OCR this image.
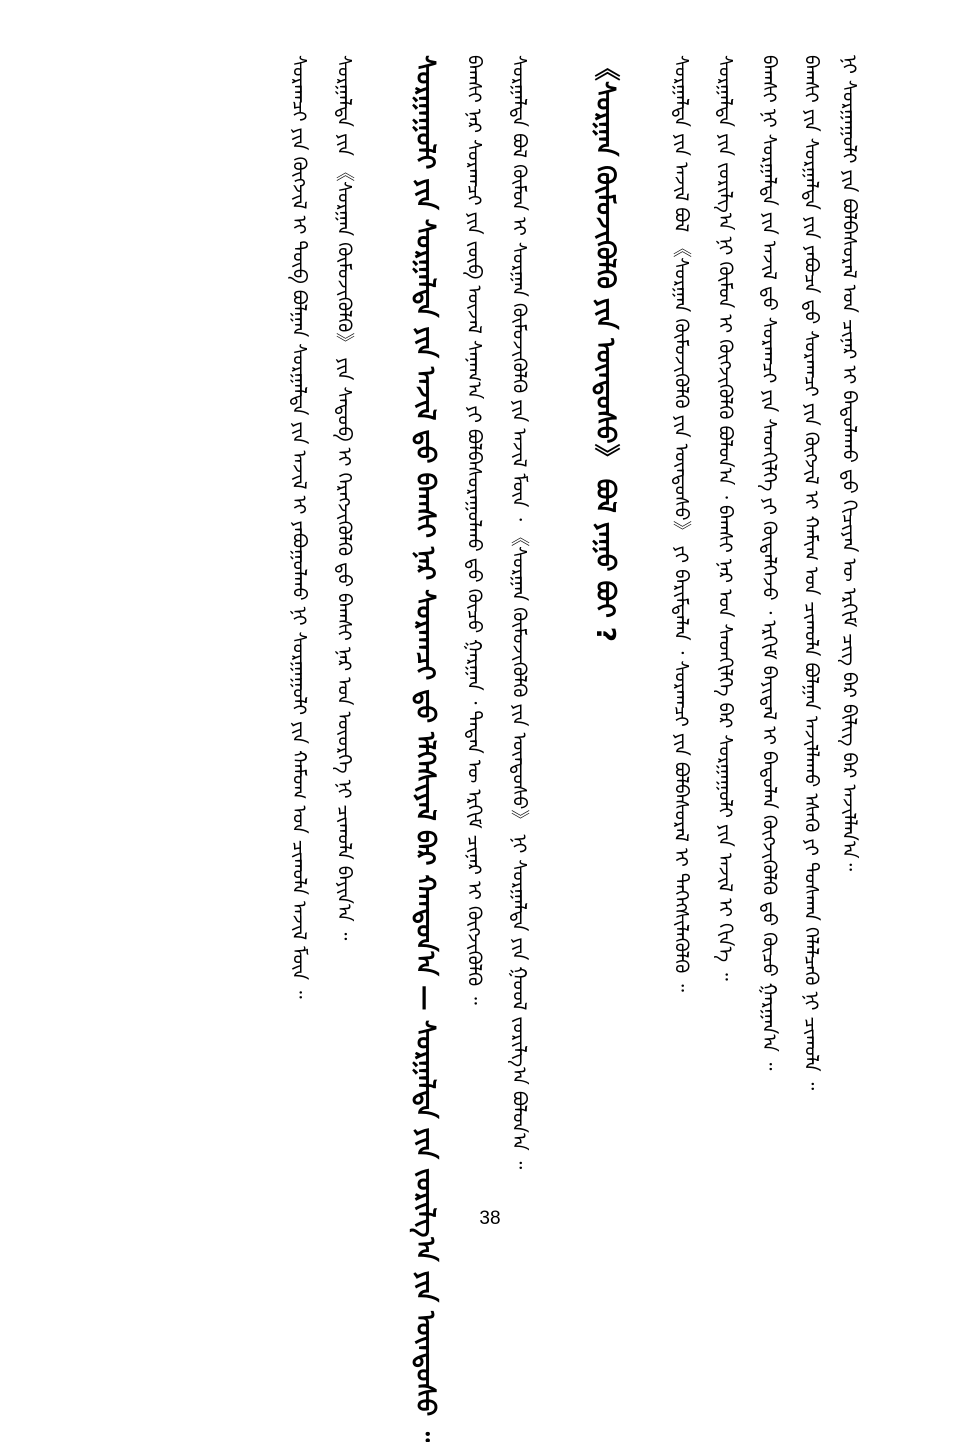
ᠨᠢ ᠰᠤᠷᠭᠠᠭᠤᠯᠢ ᠶᠢᠨ ᠪᠣᠯᠪᠠᠰᠤᠷᠠᠯ ᠤᠨ ᠴᠢᠨᠠᠷ ᠢ ᠪᠠᠲᠤᠯᠠᠬᠤ ᠳ᠋ᠤ ᠬᠢᠴᠢᠶᠡᠨ ᠦ ᠡᠷᠬᠢᠮ ᠴᠢᠭ ᠪᠠᠷ ᠪᠢᠯᠢᠭ ᠪᠡᠷ ᠠᠵᠢᠯᠯᠠᠨ᠎ᠠ᠃
ᠪᠠᠭᠰᠢ ᠶᠢᠨ ᠰᠤᠷᠭᠠᠯᠲᠠ ᠶᠢᠨ ᠶᠠᠪᠤᠴᠠ ᠳ᠋ᠤ ᠰᠤᠷᠠᠭᠴᠢ ᠶᠢᠨ ᠬᠥᠭᠵᠢᠯ ᠢ ᠬᠠᠮᠢᠭ ᠤᠨ ᠴᠢᠬᠤᠯᠠ ᠪᠣᠯᠭᠠᠨ ᠠᠵᠢᠯᠯᠠᠬᠤ ᠡᠰᠡᠬᠦ ᠶᠢ ᠲᠤᠰᠬᠠᠨ ᠬᠡᠯᠡᠯᠴᠡᠬᠦ ᠨᠢ ᠴᠢᠬᠤᠯᠠ ᠃
ᠪᠠᠭᠰᠢ ᠨᠢ ᠰᠤᠷᠭᠠᠯᠲᠠ ᠶᠢᠨ ᠠᠵᠢᠯ ᠳ᠋ᠤ ᠰᠤᠷᠠᠭᠴᠢ ᠶᠢᠨ ᠰᠡᠳᠬᠢᠯᠭᠡ ᠶᠢ ᠬᠥᠳᠡᠯᠭᠡᠵᠦ ᠂ ᠡᠷᠬᠢᠮ ᠪᠠᠶᠢᠳᠠᠯ ᠢ ᠪᠠᠲᠤᠯᠠᠨ ᠬᠥᠭᠵᠢᠭᠦᠯᠬᠦ ᠳ᠋ᠤ ᠬᠦᠴᠦ ᠭᠠᠷᠭᠠᠨ᠎ᠠ ᠃
ᠰᠤᠷᠭᠠᠯᠲᠠ ᠶᠢᠨ ᠵᠣᠷᠢᠯᠭ᠎ᠠ ᠨᠢ ᠬᠦᠮᠦᠨ ᠢ ᠬᠥᠭᠵᠢᠭᠦᠯᠬᠦ ᠪᠣᠯᠤᠨ᠎ᠠ ᠂ ᠪᠠᠭᠰᠢ ᠨᠠᠷ ᠤᠨ ᠰᠡᠳᠬᠢᠯᠭᠡ ᠪᠡᠷ ᠰᠤᠷᠭᠠᠭᠤᠯᠢ ᠶᠢᠨ ᠠᠵᠢᠯ ᠢ ᠬᠢᠨ᠎ᠡ ᠃
ᠰᠤᠷᠭᠠᠯᠲᠠ ᠶᠢᠨ ᠠᠵᠢᠯ ᠪᠣᠯ 《ᠰᠤᠷᠭᠠᠨ ᠬᠦᠮᠦᠵᠢᠭᠦᠯᠬᠦ ᠶᠢᠨ ᠦᠨᠳᠦᠰᠦ》 ᠶᠢ ᠪᠠᠷᠢᠮᠲᠠᠯᠠᠨ ᠂ ᠰᠤᠷᠠᠭᠴᠢ ᠶᠢᠨ ᠪᠣᠯᠪᠠᠰᠤᠷᠠᠯ ᠢ ᠳᠡᠭᠡᠭᠰᠢᠯᠡᠭᠦᠯᠬᠦ ᠃
《ᠰᠤᠷᠭᠠᠨ ᠬᠦᠮᠦᠵᠢᠭᠦᠯᠬᠦ ᠶᠢᠨ ᠦᠨᠳᠦᠰᠦ》 ᠪᠣᠯ ᠶᠠᠭᠤ ᠪᠤᠢ ?
ᠰᠤᠷᠭᠠᠯᠲᠠ ᠪᠣᠯ ᠬᠦᠮᠦᠨ ᠢ ᠰᠤᠷᠭᠠᠨ ᠬᠦᠮᠦᠵᠢᠭᠦᠯᠬᠦ ᠶᠢᠨ ᠠᠵᠢᠯ ᠮᠥᠨ ᠂ 《ᠰᠤᠷᠭᠠᠨ ᠬᠦᠮᠦᠵᠢᠭᠦᠯᠬᠦ ᠶᠢᠨ ᠦᠨᠳᠦᠰᠦ》 ᠨᠢ ᠰᠤᠷᠭᠠᠯᠲᠠ ᠶᠢᠨ ᠭᠣᠣᠯ ᠵᠣᠷᠢᠯᠭ᠎ᠠ ᠪᠣᠯᠤᠨ᠎ᠠ ᠃
ᠪᠠᠭᠰᠢ ᠨᠠᠷ ᠰᠤᠷᠠᠭᠴᠢ ᠶᠢᠨ ᠵᠥᠪ ᠦᠵᠡᠯ ᠰᠠᠨᠠᠭ᠎ᠠ ᠶᠢ ᠪᠣᠯᠪᠠᠰᠤᠷᠠᠭᠤᠯᠬᠤ ᠳ᠋ᠤ ᠬᠦᠴᠦ ᠭᠠᠷᠭᠠᠨ ᠂ ᠲᠡᠳᠡᠨ ᠦ ᠡᠷᠬᠢᠮ ᠴᠢᠨᠠᠷ ᠢ ᠬᠥᠭᠵᠢᠭᠦᠯᠬᠦ ᠃
ᠰᠤᠷᠭᠠᠭᠤᠯᠢ ᠶᠢᠨ ᠰᠤᠷᠭᠠᠯᠲᠠ ᠶᠢᠨ ᠠᠵᠢᠯ ᠳ᠋ᠤ ᠪᠠᠭᠰᠢ ᠨᠠᠷ ᠰᠤᠷᠠᠭᠴᠢ ᠳ᠋ᠤ ᠡᠯᠭᠡᠰᠢᠶᠡᠯ ᠪᠡᠷ ᠬᠠᠨᠳᠤᠨ᠎ᠠ — ᠰᠤᠷᠭᠠᠯᠲᠠ ᠶᠢᠨ ᠵᠣᠷᠢᠯᠭ᠎ᠠ ᠶᠢᠨ ᠦᠨᠳᠦᠰᠦ ᠃
ᠰᠤᠷᠭᠠᠯᠲᠠ ᠶᠢᠨ 《ᠰᠤᠷᠭᠠᠨ ᠬᠦᠮᠦᠵᠢᠭᠦᠯᠬᠦ》 ᠶᠢᠨ ᠰᠡᠳᠦᠪ ᠢ ᠬᠡᠷᠡᠭᠵᠢᠭᠦᠯᠬᠦ ᠳ᠋ᠤ ᠪᠠᠭᠰᠢ ᠨᠠᠷ ᠤᠨ ᠦᠦᠷᠭᠡ ᠨᠢ ᠴᠢᠬᠤᠯᠠ ᠪᠠᠶᠢᠨ᠎ᠠ ᠃
ᠰᠤᠷᠠᠭᠴᠢ ᠶᠢᠨ ᠬᠥᠭᠵᠢᠯ ᠢ ᠲᠥᠪ ᠪᠣᠯᠭᠠᠨ ᠰᠤᠷᠭᠠᠯᠲᠠ ᠶᠢᠨ ᠠᠵᠢᠯ ᠢ ᠶᠠᠪᠤᠭᠤᠯᠬᠤ ᠨᠢ ᠰᠤᠷᠭᠠᠭᠤᠯᠢ ᠶᠢᠨ ᠬᠠᠮᠤᠭ ᠤᠨ ᠴᠢᠬᠤᠯᠠ ᠠᠵᠢᠯ ᠮᠥᠨ ᠃
38
